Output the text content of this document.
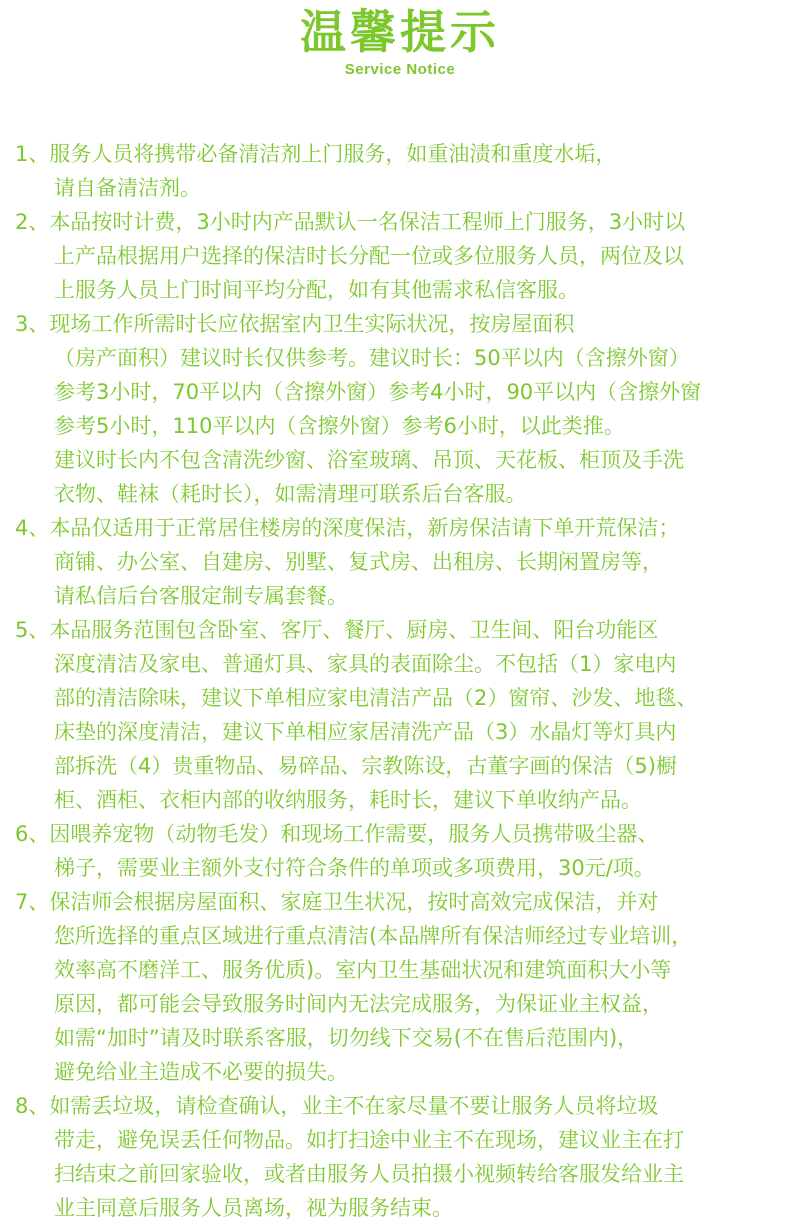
温馨提示
Service Notice
1、服务人员将携带必备清洁剂上门服务，如重油渍和重度水垢，
请自备清洁剂。
2、本品按时计费，3小时内产品默认一名保洁工程师上门服务，3小时以
上产品根据用户选择的保洁时长分配一位或多位服务人员，两位及以
上服务人员上门时间平均分配，如有其他需求私信客服。
3、现场工作所需时长应依据室内卫生实际状况，按房屋面积
（房产面积）建议时长仅供参考。建议时长：50平以内（含擦外窗）
参考3小时，70平以内（含擦外窗）参考4小时，90平以内（含擦外窗
参考5小时，110平以内（含擦外窗）参考6小时，以此类推。
建议时长内不包含清洗纱窗、浴室玻璃、吊顶、天花板、柜顶及手洗
衣物、鞋袜（耗时长），如需清理可联系后台客服。
4、本品仅适用于正常居住楼房的深度保洁，新房保洁请下单开荒保洁；
商铺、办公室、自建房、别墅、复式房、出租房、长期闲置房等，
请私信后台客服定制专属套餐。
5、本品服务范围包含卧室、客厅、餐厅、厨房、卫生间、阳台功能区
深度清洁及家电、普通灯具、家具的表面除尘。不包括（1）家电内
部的清洁除味，建议下单相应家电清洁产品（2）窗帘、沙发、地毯、
床垫的深度清洁，建议下单相应家居清洗产品（3）水晶灯等灯具内
部拆洗（4）贵重物品、易碎品、宗教陈设，古董字画的保洁（5)橱
柜、酒柜、衣柜内部的收纳服务，耗时长，建议下单收纳产品。
6、因喂养宠物（动物毛发）和现场工作需要，服务人员携带吸尘器、
梯子，需要业主额外支付符合条件的单项或多项费用，30元/项。
7、保洁师会根据房屋面积、家庭卫生状况，按时高效完成保洁，并对
您所选择的重点区域进行重点清洁(本品牌所有保洁师经过专业培训，
效率高不磨洋工、服务优质)。室内卫生基础状况和建筑面积大小等
原因，都可能会导致服务时间内无法完成服务，为保证业主权益，
如需“加时”请及时联系客服，切勿线下交易(不在售后范围内)，
避免给业主造成不必要的损失。
8、如需丢垃圾，请检查确认，业主不在家尽量不要让服务人员将垃圾
带走，避免误丢任何物品。如打扫途中业主不在现场，建议业主在打
扫结束之前回家验收，或者由服务人员拍摄小视频转给客服发给业主
业主同意后服务人员离场，视为服务结束。
